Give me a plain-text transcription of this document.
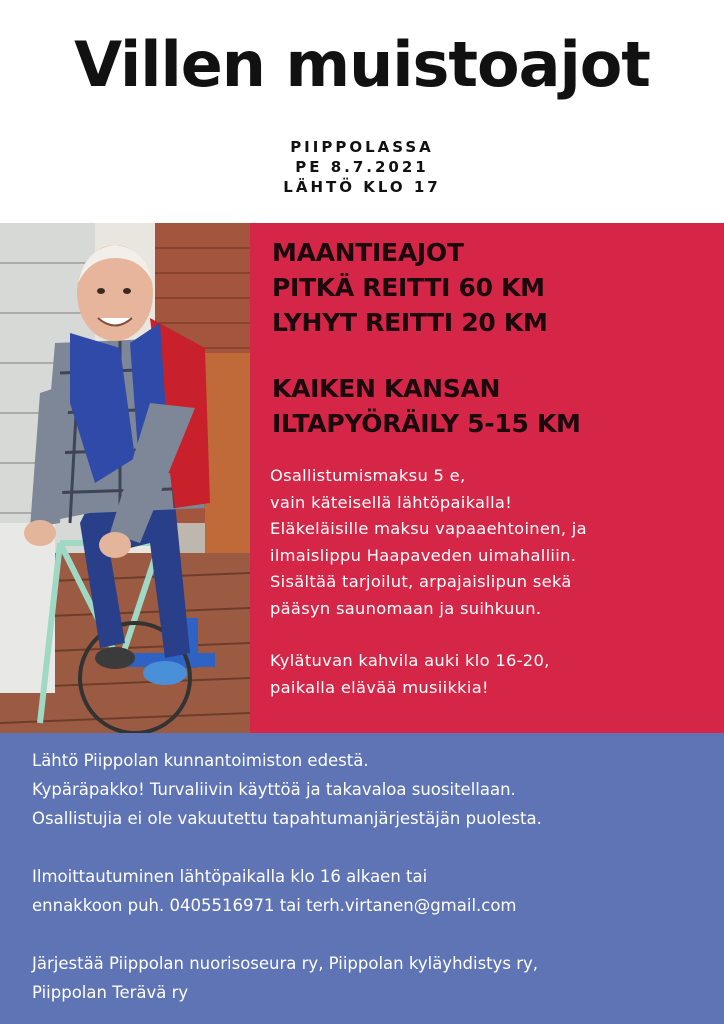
Villen muistoajot
PIIPPOLASSA
PE 8.7.2021
LÄHTÖ KLO 17
MAANTIEAJOT
PITKÄ REITTI 60 KM
LYHYT REITTI 20 KM
KAIKEN KANSAN
ILTAPYÖRÄILY 5-15 KM
Osallistumismaksu 5 e,
vain käteisellä lähtöpaikalla!
Eläkeläisille maksu vapaaehtoinen, ja
ilmaislippu Haapaveden uimahalliin.
Sisältää tarjoilut, arpajaislipun sekä
pääsyn saunomaan ja suihkuun.
Kylätuvan kahvila auki klo 16-20,
paikalla elävää musiikkia!
Lähtö Piippolan kunnantoimiston edestä.
Kypäräpakko! Turvaliivin käyttöä ja takavaloa suositellaan.
Osallistujia ei ole vakuutettu tapahtumanjärjestäjän puolesta.
Ilmoittautuminen lähtöpaikalla klo 16 alkaen tai
ennakkoon puh. 0405516971 tai terh.virtanen@gmail.com
Järjestää Piippolan nuorisoseura ry, Piippolan kyläyhdistys ry,
Piippolan Terävä ry
